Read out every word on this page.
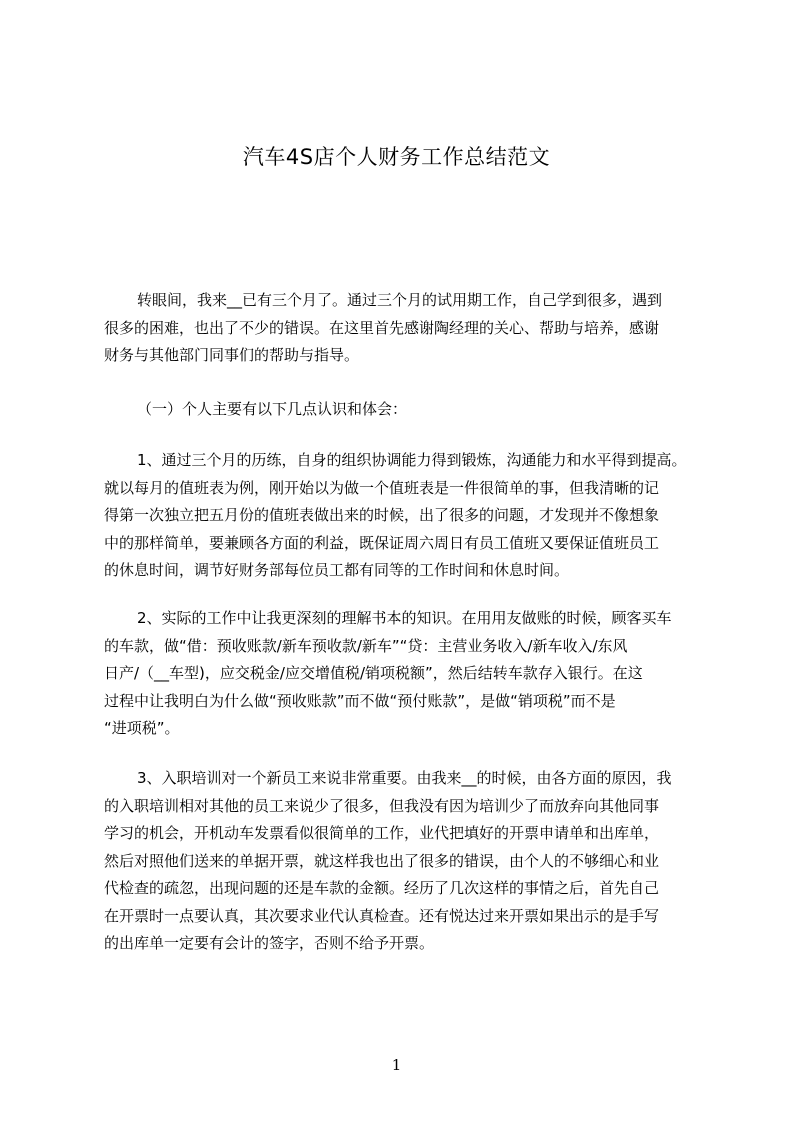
汽车4S店个人财务工作总结范文
转眼间，我来__已有三个月了。通过三个月的试用期工作，自己学到很多，遇到
很多的困难，也出了不少的错误。在这里首先感谢陶经理的关心、帮助与培养，感谢
财务与其他部门同事们的帮助与指导。
（一）个人主要有以下几点认识和体会：
1、通过三个月的历练，自身的组织协调能力得到锻炼，沟通能力和水平得到提高。
就以每月的值班表为例，刚开始以为做一个值班表是一件很简单的事，但我清晰的记
得第一次独立把五月份的值班表做出来的时候，出了很多的问题，才发现并不像想象
中的那样简单，要兼顾各方面的利益，既保证周六周日有员工值班又要保证值班员工
的休息时间，调节好财务部每位员工都有同等的工作时间和休息时间。
2、实际的工作中让我更深刻的理解书本的知识。在用用友做账的时候，顾客买车
的车款，做“借：预收账款/新车预收款/新车”“贷：主营业务收入/新车收入/东风
日产/（__车型)，应交税金/应交增值税/销项税额”，然后结转车款存入银行。在这
过程中让我明白为什么做“预收账款”而不做“预付账款”，是做“销项税”而不是
“进项税”。
3、入职培训对一个新员工来说非常重要。由我来__的时候，由各方面的原因，我
的入职培训相对其他的员工来说少了很多，但我没有因为培训少了而放弃向其他同事
学习的机会，开机动车发票看似很简单的工作，业代把填好的开票申请单和出库单，
然后对照他们送来的单据开票，就这样我也出了很多的错误，由个人的不够细心和业
代检查的疏忽，出现问题的还是车款的金额。经历了几次这样的事情之后，首先自己
在开票时一点要认真，其次要求业代认真检查。还有悦达过来开票如果出示的是手写
的出库单一定要有会计的签字，否则不给予开票。
1
